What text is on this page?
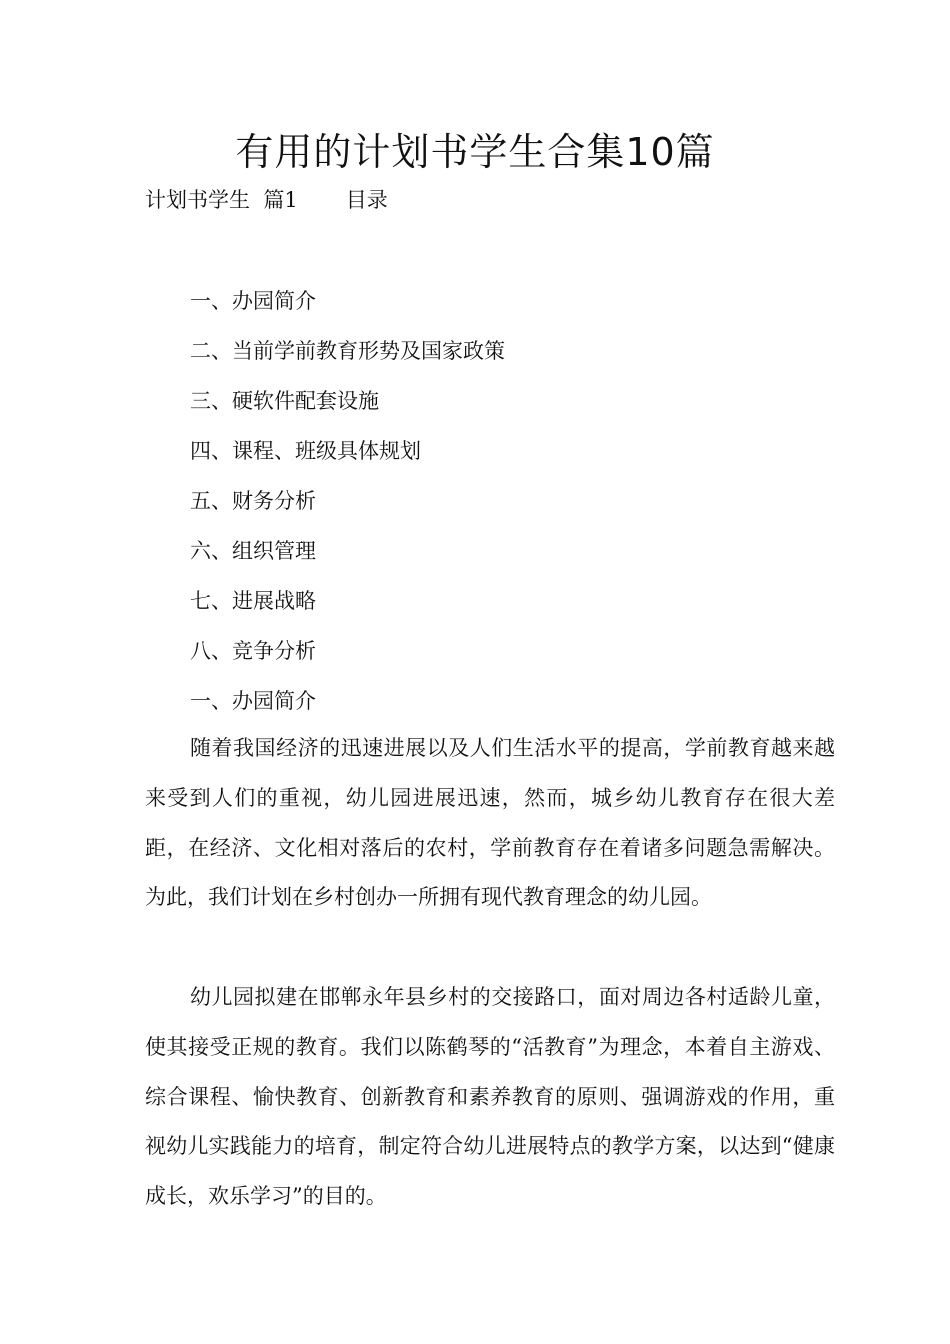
有用的计划书学生合集10篇
计划书学生  篇1 目录
一、办园简介
二、当前学前教育形势及国家政策
三、硬软件配套设施
四、课程、班级具体规划
五、财务分析
六、组织管理
七、进展战略
八、竞争分析
一、办园简介

随着我国经济的迅速进展以及人们生活水平的提高，学前教育越来越来受到人们的重视，幼儿园进展迅速，然而，城乡幼儿教育存在很大差距，在经济、文化相对落后的农村，学前教育存在着诸多问题急需解决。为此，我们计划在乡村创办一所拥有现代教育理念的幼儿园。

幼儿园拟建在邯郸永年县乡村的交接路口，面对周边各村适龄儿童，使其接受正规的教育。我们以陈鹤琴的“活教育”为理念，本着自主游戏、综合课程、愉快教育、创新教育和素养教育的原则、强调游戏的作用，重视幼儿实践能力的培育，制定符合幼儿进展特点的教学方案，以达到“健康成长，欢乐学习”的目的。
